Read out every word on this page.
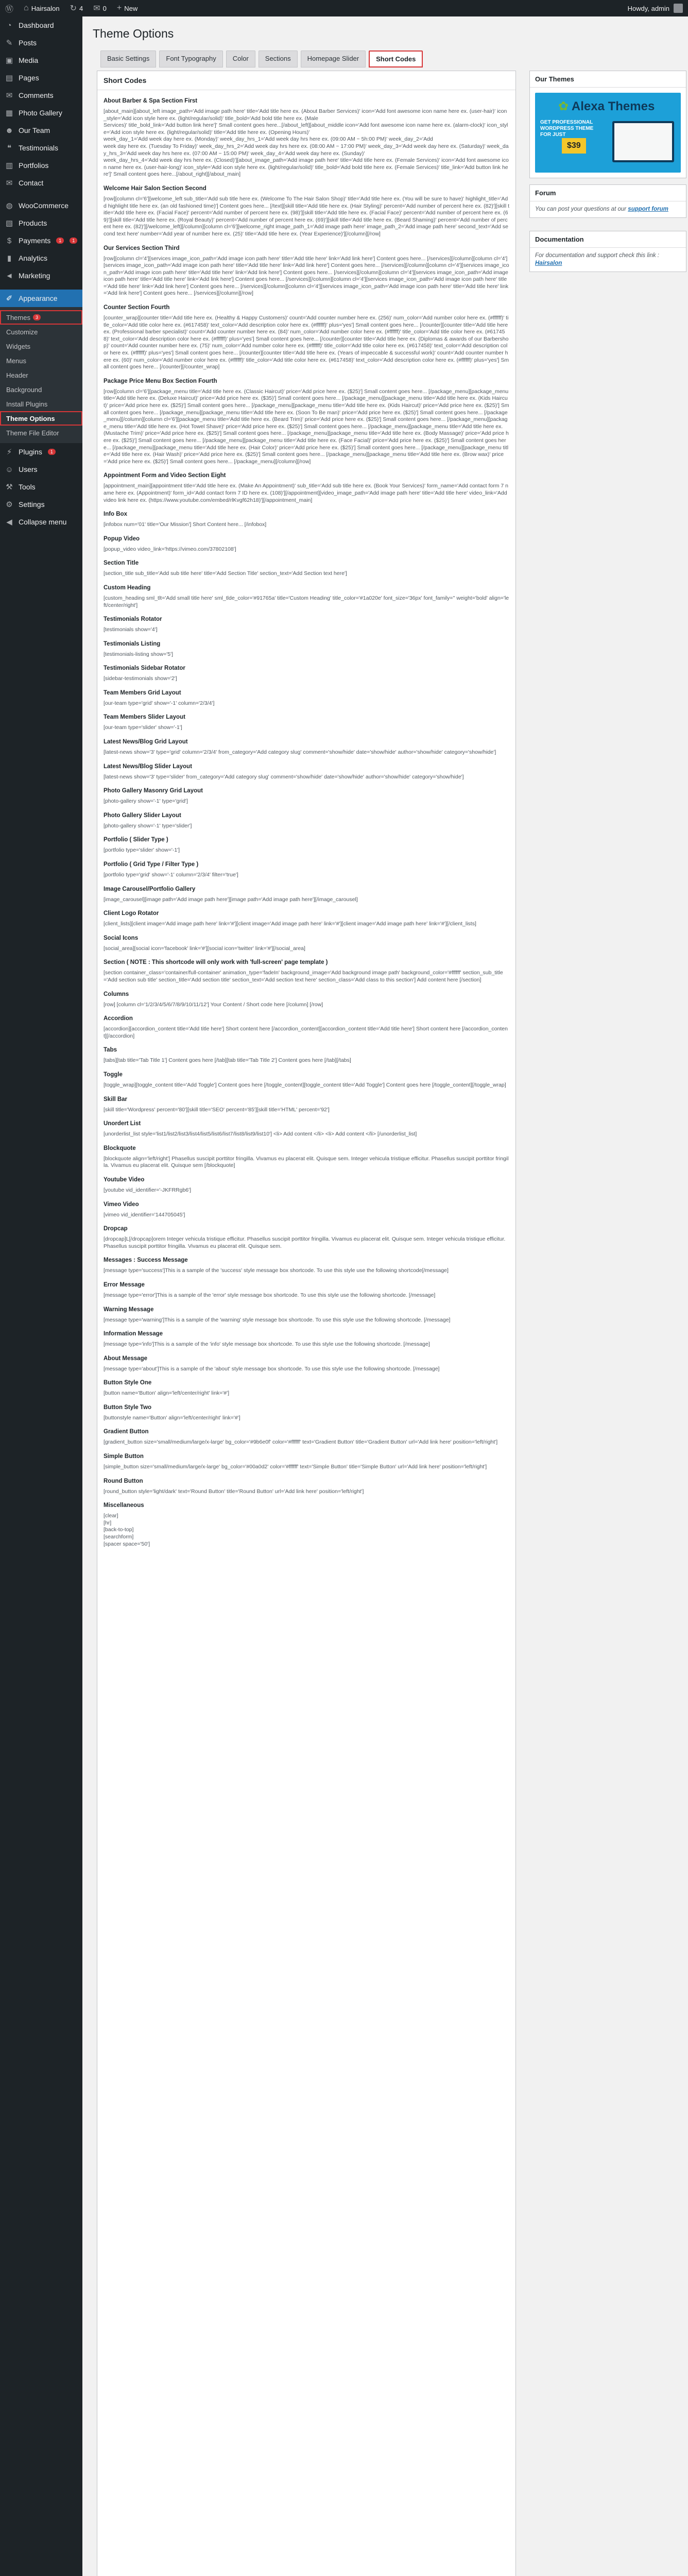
Ⓦ ⌂ Hairsalon ↻ 4 ✉ 0 + New	Howdy, admin
◔ Dashboard
✎ Posts
▣ Media
▤ Pages
✉ Comments
▦ Photo Gallery
☻ Our Team
❝ Testimonials
▥ Portfolios
✉ Contact
◍ WooCommerce
▧ Products
$ Payments	1	1
▮ Analytics
◄ Marketing
✐ Appearance
Themes	3
Customize
Widgets
Menus
Header
Background
Install Plugins
Theme Options
Theme File Editor
⚡ Plugins	1
☺ Users
⚒ Tools
⚙ Settings
◀ Collapse menu
Theme Options
Basic Settings	Font Typography	Color	Sections	Homepage Slider	Short Codes
Short Codes
About Barber & Spa Section First
[about_main][about_left image_path='Add image path here' title='Add title here ex. (About Barber Services)' icon='Add font awesome icon name here ex. (user-hair)' icon_style='Add icon style here ex. (light/regular/solid)' title_bold='Add bold title here ex. (Male
Services)' title_bold_link='Add button link here']' Small content goes here...[/about_left][about_middle icon='Add font awesome icon name here ex. (alarm-clock)' icon_style='Add icon style here ex. (light/regular/solid)' title='Add title here ex. (Opening Hours)'
week_day_1='Add week day here ex. (Monday)' week_day_hrs_1='Add week day hrs here ex. (09:00 AM ~ 5h:00 PM)' week_day_2='Add
week day here ex. (Tuesday To Friday)' week_day_hrs_2='Add week day hrs here ex. (08:00 AM ~ 17:00 PM)' week_day_3='Add week day here ex. (Saturday)' week_day_hrs_3='Add week day hrs here ex. (07:00 AM ~ 15:00 PM)' week_day_4='Add week day here ex. (Sunday)'
week_day_hrs_4='Add week day hrs here ex. (Closed)'][about_image_path='Add image path here' title='Add title here ex. (Female Services)' icon='Add font awesome icon name here ex. (user-hair-long)' icon_style='Add icon style here ex. (light/regular/solid)' title_bold='Add bold title here ex. (Female Services)' title_link='Add button link here']' Small content goes here...[/about_right][/about_main]
Welcome Hair Salon Section Second
[row][column cl='6'][welcome_left sub_title='Add sub title here ex. (Welcome To The Hair Salon Shop)' title='Add title here ex. (You will be sure to have)' highlight_title='Add highlight title here ex. (an old fashioned time)'] Content goes here... [/text][skill title='Add title here ex. (Hair Styling)' percent='Add number of percent here ex. (82)'][skill title='Add title here ex. (Facial Face)' percent='Add number of percent here ex. (98)'][skill title='Add title here ex. (Facial Face)' percent='Add number of percent here ex. (69)'][skill title='Add title here ex. (Royal Beauty)' percent='Add number of percent here ex. (69)'][skill title='Add title here ex. (Beard Shaming)' percent='Add number of percent here ex. (82)'][/welcome_left][/column][column cl='6'][welcome_right image_path_1='Add image path here' image_path_2='Add image path here' second_text='Add second text here' number='Add year of number here ex. (25)' title='Add title here ex. (Year Experience)'][/column][/row]
Our Services Section Third
[row][column cl='4'][services image_icon_path='Add image icon path here' title='Add title here' link='Add link here'] Content goes here... [/services][/column][column cl='4'][services image_icon_path='Add image icon path here' title='Add title here' link='Add link here'] Content goes here... [/services][/column][column cl='4'][services image_icon_path='Add image icon path here' title='Add title here' link='Add link here'] Content goes here... [/services][/column][column cl='4'][services image_icon_path='Add image icon path here' title='Add title here' link='Add link here'] Content goes here... [/services][/column][column cl='4'][services image_icon_path='Add image icon path here' title='Add title here' link='Add link here'] Content goes here... [/services][/column][column cl='4'][services image_icon_path='Add image icon path here' title='Add title here' link='Add link here'] Content goes here... [/services][/column][/row]
Counter Section Fourth
[counter_wrap][counter title='Add title here ex. (Healthy & Happy Customers)' count='Add counter number here ex. (256)' num_color='Add number color here ex. (#ffffff)' title_color='Add title color here ex. (#617458)' text_color='Add description color here ex. (#ffffff)' plus='yes'] Small content goes here... [/counter][counter title='Add title here ex. (Professional barber specialist)' count='Add counter number here ex. (84)' num_color='Add number color here ex. (#ffffff)' title_color='Add title color here ex. (#617458)' text_color='Add description color here ex. (#ffffff)' plus='yes'] Small content goes here... [/counter][counter title='Add title here ex. (Diplomas & awards of our Barbershop)' count='Add counter number here ex. (75)' num_color='Add number color here ex. (#ffffff)' title_color='Add title color here ex. (#617458)' text_color='Add description color here ex. (#ffffff)' plus='yes'] Small content goes here... [/counter][counter title='Add title here ex. (Years of impeccable & successful work)' count='Add counter number here ex. (60)' num_color='Add number color here ex. (#ffffff)' title_color='Add title color here ex. (#617458)' text_color='Add description color here ex. (#ffffff)' plus='yes'] Small content goes here... [/counter][/counter_wrap]
Package Price Menu Box Section Fourth
[row][column cl='6'][package_menu title='Add title here ex. (Classic Haircut)' price='Add price here ex. ($25)'] Small content goes here... [/package_menu][package_menu title='Add title here ex. (Deluxe Haircut)' price='Add price here ex. ($35)'] Small content goes here... [/package_menu][package_menu title='Add title here ex. (Kids Haircut)' price='Add price here ex. ($25)'] Small content goes here... [/package_menu][package_menu title='Add title here ex. (Kids Haircut)' price='Add price here ex. ($25)'] Small content goes here... [/package_menu][package_menu title='Add title here ex. (Soon To Be man)' price='Add price here ex. ($25)'] Small content goes here... [/package_menu][/column][column cl='6'][package_menu title='Add title here ex. (Beard Trim)' price='Add price here ex. ($25)'] Small content goes here... [/package_menu][package_menu title='Add title here ex. (Hot Towel Shave)' price='Add price here ex. ($25)'] Small content goes here... [/package_menu][package_menu title='Add title here ex. (Mustache Trim)' price='Add price here ex. ($25)'] Small content goes here... [/package_menu][package_menu title='Add title here ex. (Body Massage)' price='Add price here ex. ($25)'] Small content goes here... [/package_menu][package_menu title='Add title here ex. (Face Facial)' price='Add price here ex. ($25)'] Small content goes here... [/package_menu][package_menu title='Add title here ex. (Hair Color)' price='Add price here ex. ($25)'] Small content goes here... [/package_menu][package_menu title='Add title here ex. (Hair Wash)' price='Add price here ex. ($25)'] Small content goes here... [/package_menu][package_menu title='Add title here ex. (Brow wax)' price='Add price here ex. ($25)'] Small content goes here... [/package_menu][/column][/row]
Appointment Form and Video Section Eight
[appointment_main][appointment title='Add title here ex. (Make An Appointment)' sub_title='Add sub title here ex. (Book Your Services)' form_name='Add contact form 7 name here ex. (Appointment)' form_id='Add contact form 7 ID here ex. (108)'][/appointment][video_image_path='Add image path here' title='Add title here' video_link='Add video link here ex. (https://www.youtube.com/embed/rlKvgf62h18)'][/appointment_main]
Info Box
[infobox num='01' title='Our Mission'] Short Content here... [/infobox]
Popup Video
[popup_video video_link='https://vimeo.com/37802108']
Section Title
[section_title sub_title='Add sub title here' title='Add Section Title' section_text='Add Section text here']
Custom Heading
[custom_heading sml_tlt='Add small title here' sml_tlde_color='#91765a' title='Custom Heading' title_color='#1a020e' font_size='36px' font_family='' weight='bold' align='left/center/right']
Testimonials Rotator
[testimonials show='4']
Testimonials Listing
[testimonials-listing show='5']
Testimonials Sidebar Rotator
[sidebar-testimonials show='2']
Team Members Grid Layout
[our-team type='grid' show='-1' column='2/3/4']
Team Members Slider Layout
[our-team type='slider' show='-1']
Latest News/Blog Grid Layout
[latest-news show='3' type='grid' column='2/3/4' from_category='Add category slug' comment='show/hide' date='show/hide' author='show/hide' category='show/hide']
Latest News/Blog Slider Layout
[latest-news show='3' type='slider' from_category='Add category slug' comment='show/hide' date='show/hide' author='show/hide' category='show/hide']
Photo Gallery Masonry Grid Layout
[photo-gallery show='-1' type='grid']
Photo Gallery Slider Layout
[photo-gallery show='-1' type='slider']
Portfolio ( Slider Type )
[portfolio type='slider' show='-1']
Portfolio ( Grid Type / Filter Type )
[portfolio type='grid' show='-1' column='2/3/4' filter='true']
Image Carousel/Portfolio Gallery
[image_carousel][image path='Add image path here'][image path='Add image path here'][/image_carousel]
Client Logo Rotator
[client_lists][client image='Add image path here' link='#'][client image='Add image path here' link='#'][client image='Add image path here' link='#'][/client_lists]
Social Icons
[social_area][social icon='facebook' link='#'][social icon='twitter' link='#'][/social_area]
Section ( NOTE : This shortcode will only work with 'full-screen' page template )
[section container_class='container/full-container' animation_type='fadeIn' background_image='Add background image path' background_color='#ffffff' section_sub_title='Add section sub title' section_title='Add section title' section_text='Add section text here' section_class='Add class to this section'] Add content here [/section]
Columns
[row] [column cl='1/2/3/4/5/6/7/8/9/10/11/12'] Your Content / Short code here [/column] [/row]
Accordion
[accordion][accordion_content title='Add title here'] Short content here [/accordion_content][accordion_content title='Add title here'] Short content here [/accordion_content][/accordion]
Tabs
[tabs][tab title='Tab Title 1'] Content goes here [/tab][tab title='Tab Title 2'] Content goes here [/tab][/tabs]
Toggle
[toggle_wrap][toggle_content title='Add Toggle'] Content goes here [/toggle_content][toggle_content title='Add Toggle'] Content goes here [/toggle_content][/toggle_wrap]
Skill Bar
[skill title='Wordpress' percent='80'][skill title='SEO' percent='85'][skill title='HTML' percent='92']
Unordert List
[unorderlist_list style='list1/list2/list3/list4/list5/list6/list7/list8/list9/list10'] <li> Add content </li> <li> Add content </li> [/unorderlist_list]
Blockquote
[blockquote align='left/right'] Phasellus suscipit porttitor fringilla. Vivamus eu placerat elit. Quisque sem. Integer vehicula tristique efficitur. Phasellus suscipit porttitor fringilla. Vivamus eu placerat elit. Quisque sem [/blockquote]
Youtube Video
[youtube vid_identifier='-JKFRRgb6']
Vimeo Video
[vimeo vid_identifier='144705045']
Dropcap
[dropcap]L[/dropcap]orem Integer vehicula tristique efficitur. Phasellus suscipit porttitor fringilla. Vivamus eu placerat elit. Quisque sem. Integer vehicula tristique efficitur. Phasellus suscipit porttitor fringilla. Vivamus eu placerat elit. Quisque sem.
Messages : Success Message
[message type='success']This is a sample of the 'success' style message box shortcode. To use this style use the following shortcode[/message]
Error Message
[message type='error']This is a sample of the 'error' style message box shortcode. To use this style use the following shortcode. [/message]
Warning Message
[message type='warning']This is a sample of the 'warning' style message box shortcode. To use this style use the following shortcode. [/message]
Information Message
[message type='info']This is a sample of the 'info' style message box shortcode. To use this style use the following shortcode. [/message]
About Message
[message type='about']This is a sample of the 'about' style message box shortcode. To use this style use the following shortcode. [/message]
Button Style One
[button name='Button' align='left/center/right' link='#']
Button Style Two
[buttonstyle name='Button' align='left/center/right' link='#']
Gradient Button
[gradient_button size='small/medium/large/x-large' bg_color='#9b6e0f' color='#ffffff' text='Gradient Button' title='Gradient Button' url='Add link here' position='left/right']
Simple Button
[simple_button size='small/medium/large/x-large' bg_color='#00a0d2' color='#ffffff' text='Simple Button' title='Simple Button' url='Add link here' position='left/right']
Round Button
[round_button style='light/dark' text='Round Button' title='Round Button' url='Add link here' position='left/right']
Miscellaneous
[clear]
[hr]
[back-to-top]
[searchform]
[spacer space='50']
Our Themes
✿ Alexa Themes
GET PROFESSIONAL WORDPRESS THEME FOR JUST
$39
Forum
You can post your questions at our support forum
Documentation
For documentation and support check this link : Hairsalon
